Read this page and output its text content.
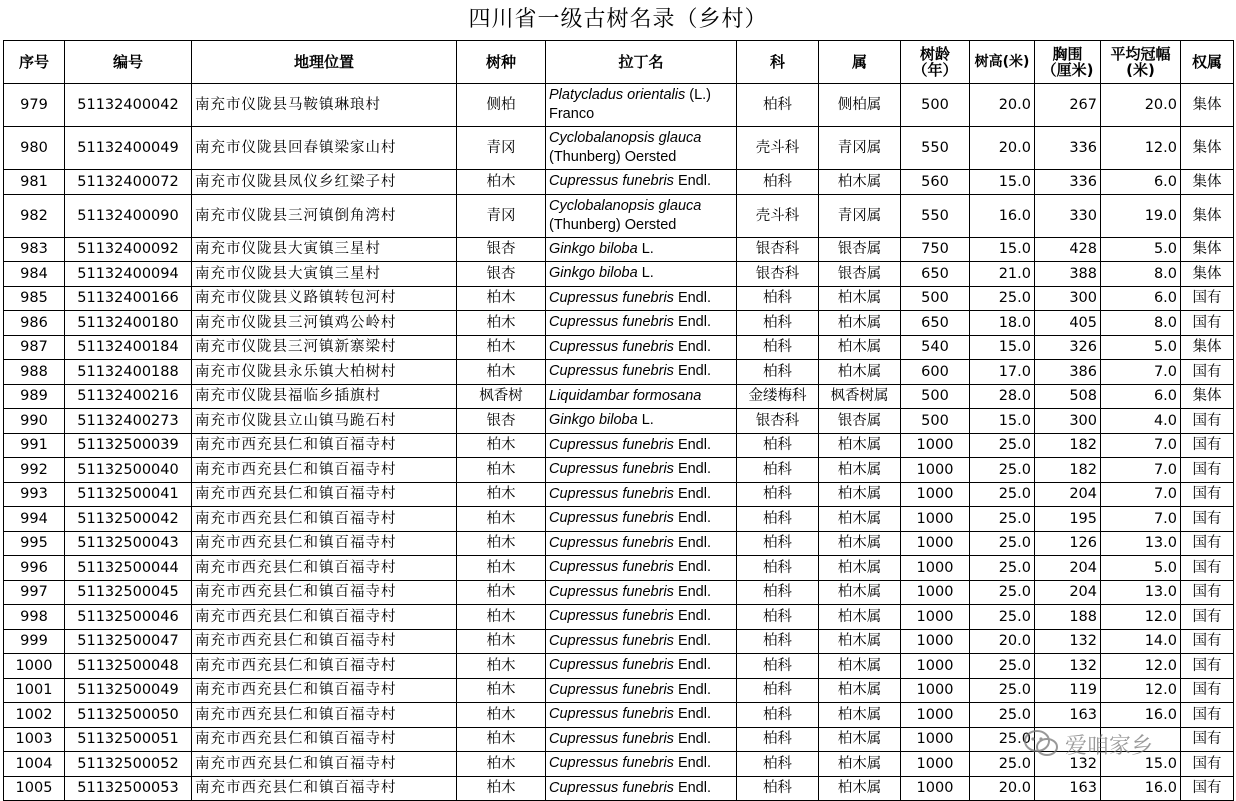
四川省一级古树名录（乡村）
序号	编号	地理位置	树种	拉丁名	科	属	树龄（年）	树高(米)	胸围（厘米)	平均冠幅(米)	权属
979	51132400042	南充市仪陇县马鞍镇琳琅村	侧柏	Platycladus orientalis (L.) Franco	柏科	侧柏属	500	20.0	267	20.0	集体
980	51132400049	南充市仪陇县回春镇梁家山村	青冈	Cyclobalanopsis glauca (Thunberg) Oersted	壳斗科	青冈属	550	20.0	336	12.0	集体
981	51132400072	南充市仪陇县凤仪乡红梁子村	柏木	Cupressus funebris Endl.	柏科	柏木属	560	15.0	336	6.0	集体
982	51132400090	南充市仪陇县三河镇倒角湾村	青冈	Cyclobalanopsis glauca (Thunberg) Oersted	壳斗科	青冈属	550	16.0	330	19.0	集体
983	51132400092	南充市仪陇县大寅镇三星村	银杏	Ginkgo biloba L.	银杏科	银杏属	750	15.0	428	5.0	集体
984	51132400094	南充市仪陇县大寅镇三星村	银杏	Ginkgo biloba L.	银杏科	银杏属	650	21.0	388	8.0	集体
985	51132400166	南充市仪陇县义路镇转包河村	柏木	Cupressus funebris Endl.	柏科	柏木属	500	25.0	300	6.0	国有
986	51132400180	南充市仪陇县三河镇鸡公岭村	柏木	Cupressus funebris Endl.	柏科	柏木属	650	18.0	405	8.0	国有
987	51132400184	南充市仪陇县三河镇新寨梁村	柏木	Cupressus funebris Endl.	柏科	柏木属	540	15.0	326	5.0	集体
988	51132400188	南充市仪陇县永乐镇大柏树村	柏木	Cupressus funebris Endl.	柏科	柏木属	600	17.0	386	7.0	国有
989	51132400216	南充市仪陇县福临乡插旗村	枫香树	Liquidambar formosana	金缕梅科	枫香树属	500	28.0	508	6.0	集体
990	51132400273	南充市仪陇县立山镇马跪石村	银杏	Ginkgo biloba L.	银杏科	银杏属	500	15.0	300	4.0	国有
991	51132500039	南充市西充县仁和镇百福寺村	柏木	Cupressus funebris Endl.	柏科	柏木属	1000	25.0	182	7.0	国有
992	51132500040	南充市西充县仁和镇百福寺村	柏木	Cupressus funebris Endl.	柏科	柏木属	1000	25.0	182	7.0	国有
993	51132500041	南充市西充县仁和镇百福寺村	柏木	Cupressus funebris Endl.	柏科	柏木属	1000	25.0	204	7.0	国有
994	51132500042	南充市西充县仁和镇百福寺村	柏木	Cupressus funebris Endl.	柏科	柏木属	1000	25.0	195	7.0	国有
995	51132500043	南充市西充县仁和镇百福寺村	柏木	Cupressus funebris Endl.	柏科	柏木属	1000	25.0	126	13.0	国有
996	51132500044	南充市西充县仁和镇百福寺村	柏木	Cupressus funebris Endl.	柏科	柏木属	1000	25.0	204	5.0	国有
997	51132500045	南充市西充县仁和镇百福寺村	柏木	Cupressus funebris Endl.	柏科	柏木属	1000	25.0	204	13.0	国有
998	51132500046	南充市西充县仁和镇百福寺村	柏木	Cupressus funebris Endl.	柏科	柏木属	1000	25.0	188	12.0	国有
999	51132500047	南充市西充县仁和镇百福寺村	柏木	Cupressus funebris Endl.	柏科	柏木属	1000	20.0	132	14.0	国有
1000	51132500048	南充市西充县仁和镇百福寺村	柏木	Cupressus funebris Endl.	柏科	柏木属	1000	25.0	132	12.0	国有
1001	51132500049	南充市西充县仁和镇百福寺村	柏木	Cupressus funebris Endl.	柏科	柏木属	1000	25.0	119	12.0	国有
1002	51132500050	南充市西充县仁和镇百福寺村	柏木	Cupressus funebris Endl.	柏科	柏木属	1000	25.0	163	16.0	国有
1003	51132500051	南充市西充县仁和镇百福寺村	柏木	Cupressus funebris Endl.	柏科	柏木属	1000	25.0			国有
1004	51132500052	南充市西充县仁和镇百福寺村	柏木	Cupressus funebris Endl.	柏科	柏木属	1000	25.0	132	15.0	国有
1005	51132500053	南充市西充县仁和镇百福寺村	柏木	Cupressus funebris Endl.	柏科	柏木属	1000	20.0	163	16.0	国有
爱咱家乡
